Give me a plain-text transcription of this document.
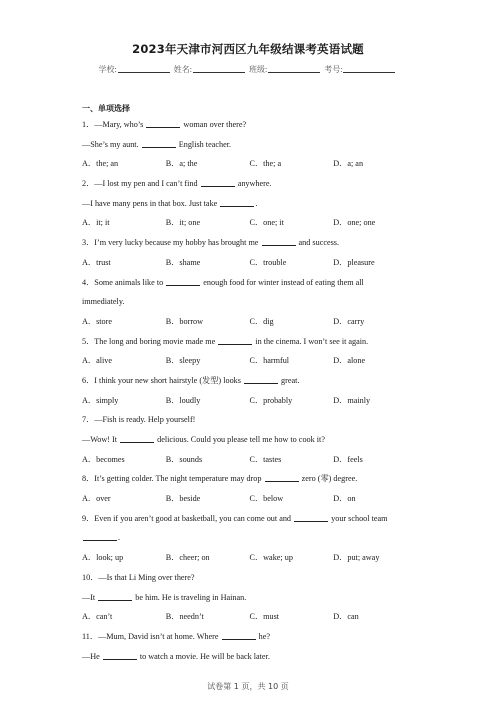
2023年天津市河西区九年级结课考英语试题
学校:	姓名:	班级:	考号:
一、单项选择
1．—Mary, who’s	woman over there?
—She’s my aunt.	English teacher.
A．the; an	B．a; the	C．the; a	D．a; an
2．—I lost my pen and I can’t find	anywhere.
—I have many pens in that box. Just take	.
A．it; it	B．it; one	C．one; it	D．one; one
3．I’m very lucky because my hobby has brought me	and success.
A．trust	B．shame	C．trouble	D．pleasure
4．Some animals like to	enough food for winter instead of eating them all
immediately.
A．store	B．borrow	C．dig	D．carry
5．The long and boring movie made me	in the cinema. I won’t see it again.
A．alive	B．sleepy	C．harmful	D．alone
6．I think your new short hairstyle (发型) looks	great.
A．simply	B．loudly	C．probably	D．mainly
7．—Fish is ready. Help yourself!
—Wow! It	delicious. Could you please tell me how to cook it?
A．becomes	B．sounds	C．tastes	D．feels
8．It’s getting colder. The night temperature may drop	zero (零) degree.
A．over	B．beside	C．below	D．on
9．Even if you aren’t good at basketball, you can come out and	your school team
.
A．look; up	B．cheer; on	C．wake; up	D．put; away
10．—Is that Li Ming over there?
—It	be him. He is traveling in Hainan.
A．can’t	B．needn’t	C．must	D．can
11．—Mum, David isn’t at home. Where	he?
—He	to watch a movie. He will be back later.
试卷第 1 页，共 10 页
